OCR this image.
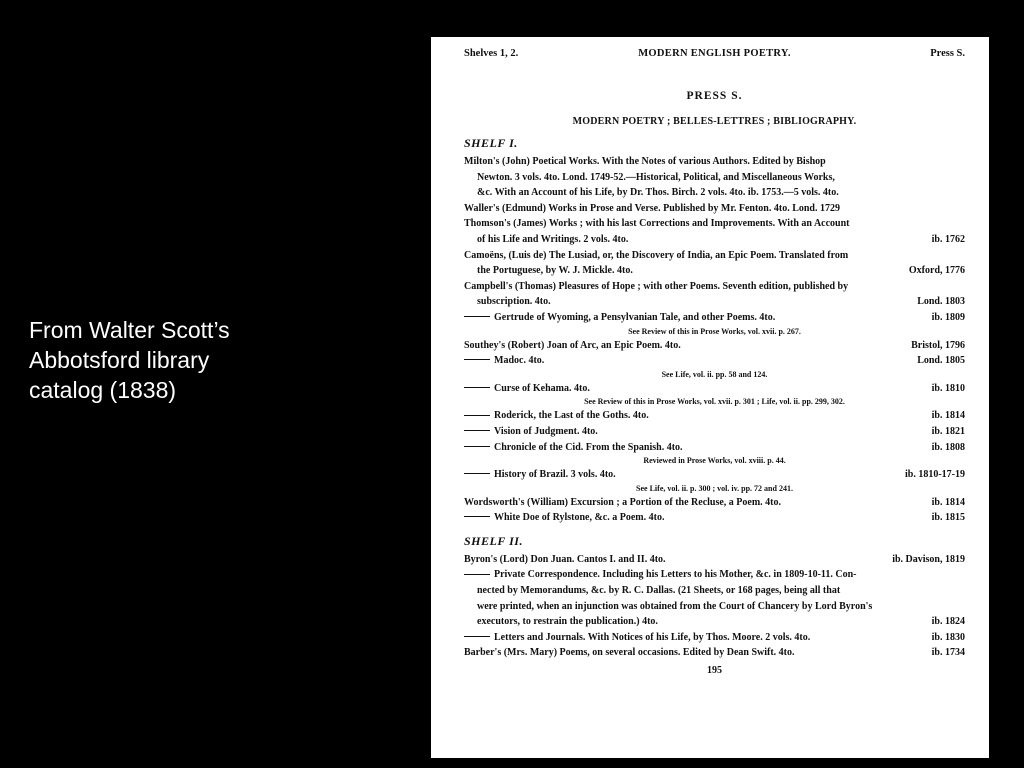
From Walter Scott’s
Abbotsford library
catalog (1838)
Shelves 1, 2.	MODERN ENGLISH POETRY.	Press S.
PRESS S.
MODERN POETRY ; BELLES-LETTRES ; BIBLIOGRAPHY.
SHELF I.
Milton's (John) Poetical Works. With the Notes of various Authors. Edited by Bishop
Newton. 3 vols. 4to. Lond. 1749-52.—Historical, Political, and Miscellaneous Works,
&c. With an Account of his Life, by Dr. Thos. Birch. 2 vols. 4to. ib. 1753.—5 vols. 4to.
Waller's (Edmund) Works in Prose and Verse. Published by Mr. Fenton. 4to. Lond. 1729
Thomson's (James) Works ; with his last Corrections and Improvements. With an Account
of his Life and Writings. 2 vols. 4to.	ib. 1762
Camoëns, (Luis de) The Lusiad, or, the Discovery of India, an Epic Poem. Translated from
the Portuguese, by W. J. Mickle. 4to.	Oxford, 1776
Campbell's (Thomas) Pleasures of Hope ; with other Poems. Seventh edition, published by
subscription. 4to.	Lond. 1803
Gertrude of Wyoming, a Pensylvanian Tale, and other Poems. 4to.	ib. 1809
See Review of this in Prose Works, vol. xvii. p. 267.
Southey's (Robert) Joan of Arc, an Epic Poem. 4to.	Bristol, 1796
Madoc. 4to.	Lond. 1805
See Life, vol. ii. pp. 58 and 124.
Curse of Kehama. 4to.	ib. 1810
See Review of this in Prose Works, vol. xvii. p. 301 ; Life, vol. ii. pp. 299, 302.
Roderick, the Last of the Goths. 4to.	ib. 1814
Vision of Judgment. 4to.	ib. 1821
Chronicle of the Cid. From the Spanish. 4to.	ib. 1808
Reviewed in Prose Works, vol. xviii. p. 44.
History of Brazil. 3 vols. 4to.	ib. 1810-17-19
See Life, vol. ii. p. 300 ; vol. iv. pp. 72 and 241.
Wordsworth's (William) Excursion ; a Portion of the Recluse, a Poem. 4to.	ib. 1814
White Doe of Rylstone, &c. a Poem. 4to.	ib. 1815
SHELF II.
Byron's (Lord) Don Juan. Cantos I. and II. 4to.	ib. Davison, 1819
Private Correspondence. Including his Letters to his Mother, &c. in 1809-10-11. Con-
nected by Memorandums, &c. by R. C. Dallas. (21 Sheets, or 168 pages, being all that
were printed, when an injunction was obtained from the Court of Chancery by Lord Byron's
executors, to restrain the publication.) 4to.	ib. 1824
Letters and Journals. With Notices of his Life, by Thos. Moore. 2 vols. 4to.	ib. 1830
Barber's (Mrs. Mary) Poems, on several occasions. Edited by Dean Swift. 4to.	ib. 1734
195
